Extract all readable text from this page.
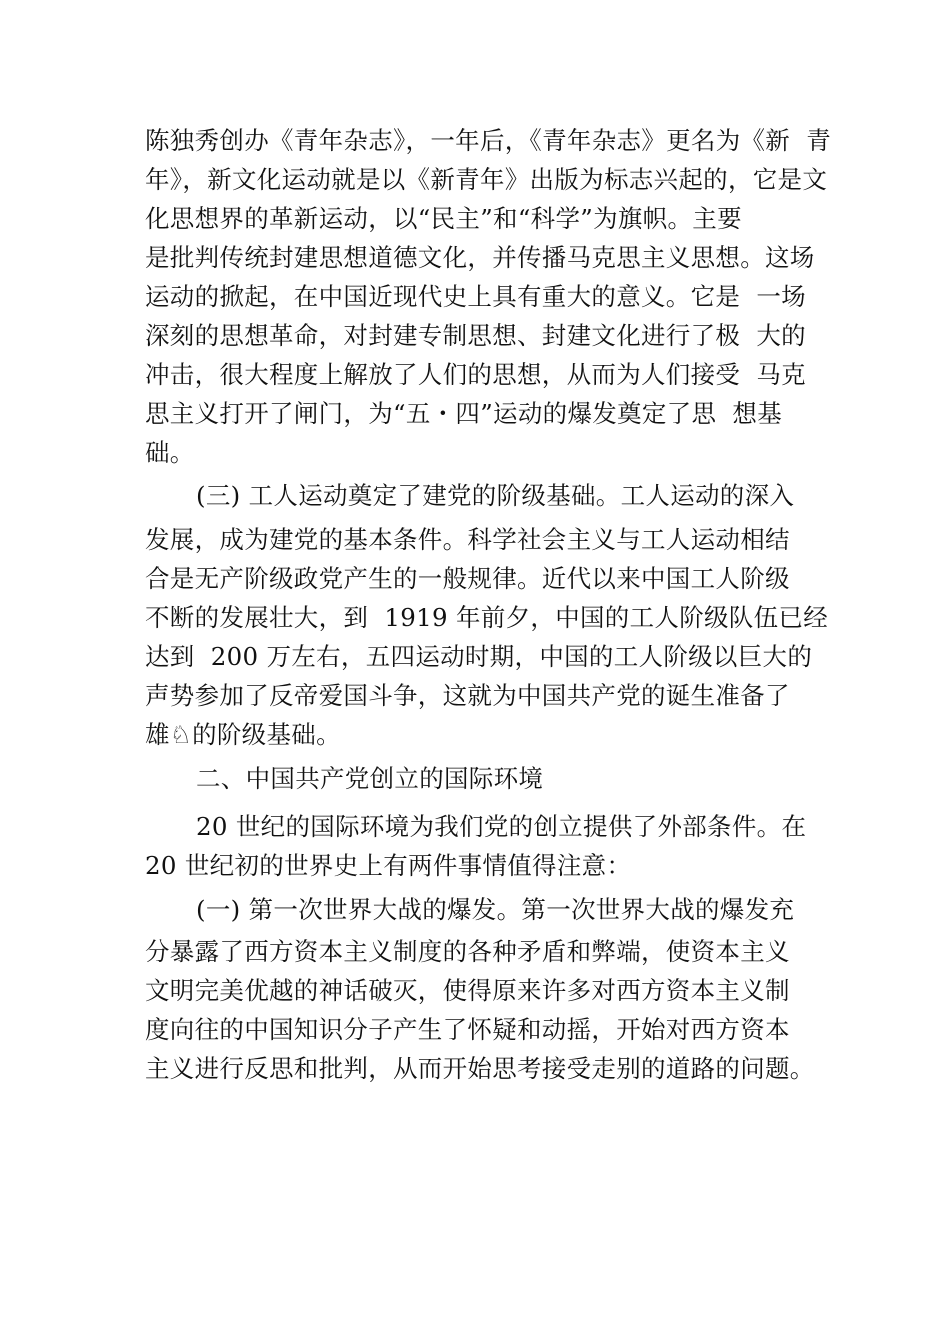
陈独秀创办《青年杂志》，一年后，《青年杂志》更名为《新  青
年》，新文化运动就是以《新青年》出版为标志兴起的，它是文
化思想界的革新运动，以“民主”和“科学”为旗帜。主要
是批判传统封建思想道德文化，并传播马克思主义思想。这场
运动的掀起，在中国近现代史上具有重大的意义。它是  一场
深刻的思想革命，对封建专制思想、封建文化进行了极  大的
冲击，很大程度上解放了人们的思想，从而为人们接受  马克
思主义打开了闸门，为“五・四”运动的爆发奠定了思  想基
础。
(三) 工人运动奠定了建党的阶级基础。工人运动的深入
发展，成为建党的基本条件。科学社会主义与工人运动相结
合是无产阶级政党产生的一般规律。近代以来中国工人阶级
不断的发展壮大，到  1919 年前夕，中国的工人阶级队伍已经
达到  200 万左右，五四运动时期，中国的工人阶级以巨大的
声势参加了反帝爱国斗争，这就为中国共产党的诞生准备了
雄♘的阶级基础。
二、中国共产党创立的国际环境
20 世纪的国际环境为我们党的创立提供了外部条件。在
20 世纪初的世界史上有两件事情值得注意：
(一) 第一次世界大战的爆发。第一次世界大战的爆发充
分暴露了西方资本主义制度的各种矛盾和弊端，使资本主义
文明完美优越的神话破灭，使得原来许多对西方资本主义制
度向往的中国知识分子产生了怀疑和动摇，开始对西方资本
主义进行反思和批判，从而开始思考接受走别的道路的问题。
